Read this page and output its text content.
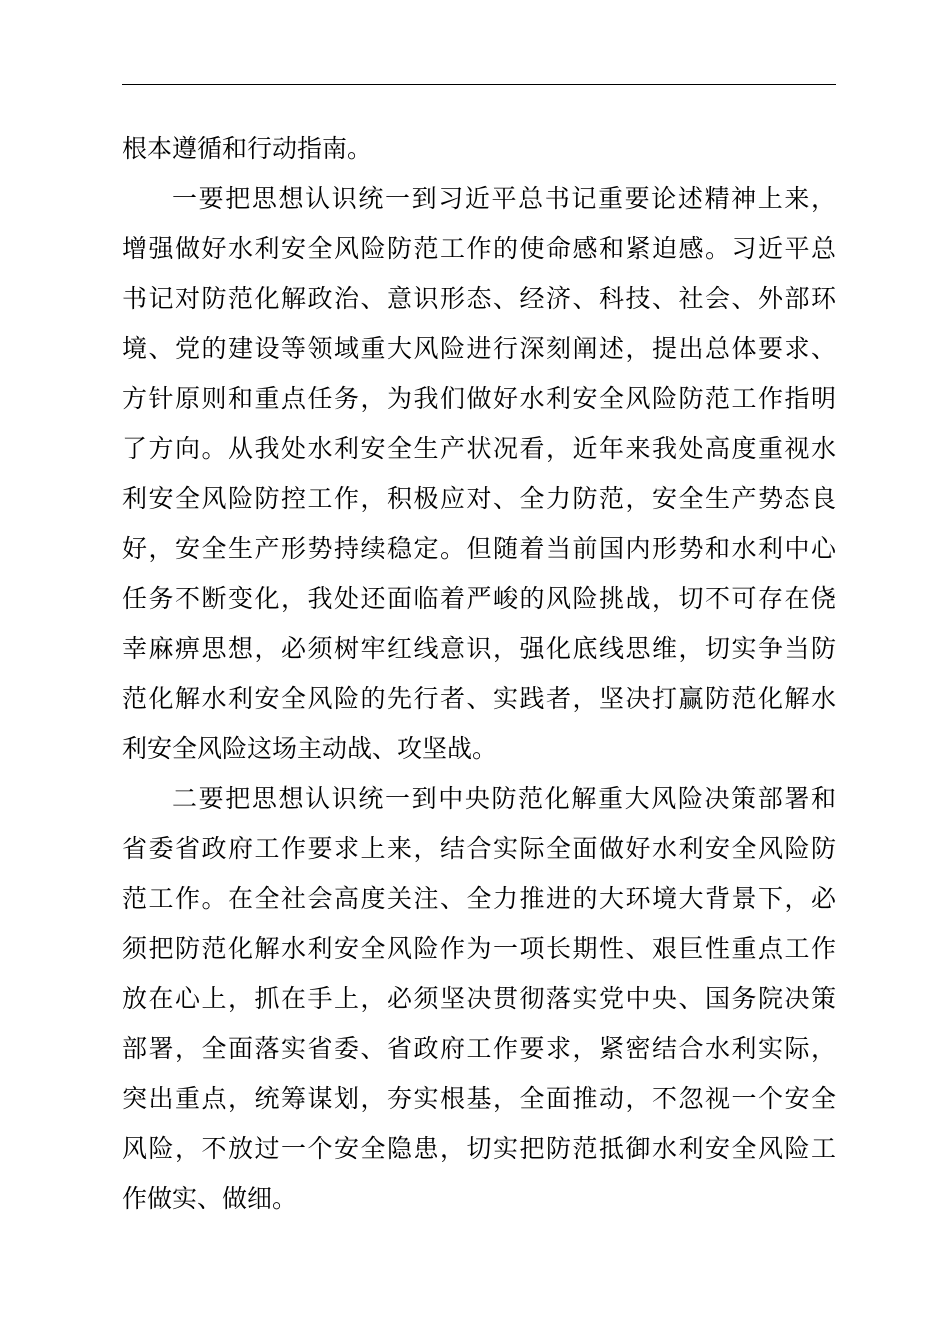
根本遵循和行动指南。
一要把思想认识统一到习近平总书记重要论述精神上来，
增强做好水利安全风险防范工作的使命感和紧迫感。习近平总
书记对防范化解政治、意识形态、经济、科技、社会、外部环
境、党的建设等领域重大风险进行深刻阐述，提出总体要求、
方针原则和重点任务，为我们做好水利安全风险防范工作指明
了方向。从我处水利安全生产状况看，近年来我处高度重视水
利安全风险防控工作，积极应对、全力防范，安全生产势态良
好，安全生产形势持续稳定。但随着当前国内形势和水利中心
任务不断变化，我处还面临着严峻的风险挑战，切不可存在侥
幸麻痹思想，必须树牢红线意识，强化底线思维，切实争当防
范化解水利安全风险的先行者、实践者，坚决打赢防范化解水
利安全风险这场主动战、攻坚战。
二要把思想认识统一到中央防范化解重大风险决策部署和
省委省政府工作要求上来，结合实际全面做好水利安全风险防
范工作。在全社会高度关注、全力推进的大环境大背景下，必
须把防范化解水利安全风险作为一项长期性、艰巨性重点工作
放在心上，抓在手上，必须坚决贯彻落实党中央、国务院决策
部署，全面落实省委、省政府工作要求，紧密结合水利实际，
突出重点，统筹谋划，夯实根基，全面推动，不忽视一个安全
风险，不放过一个安全隐患，切实把防范抵御水利安全风险工
作做实、做细。
